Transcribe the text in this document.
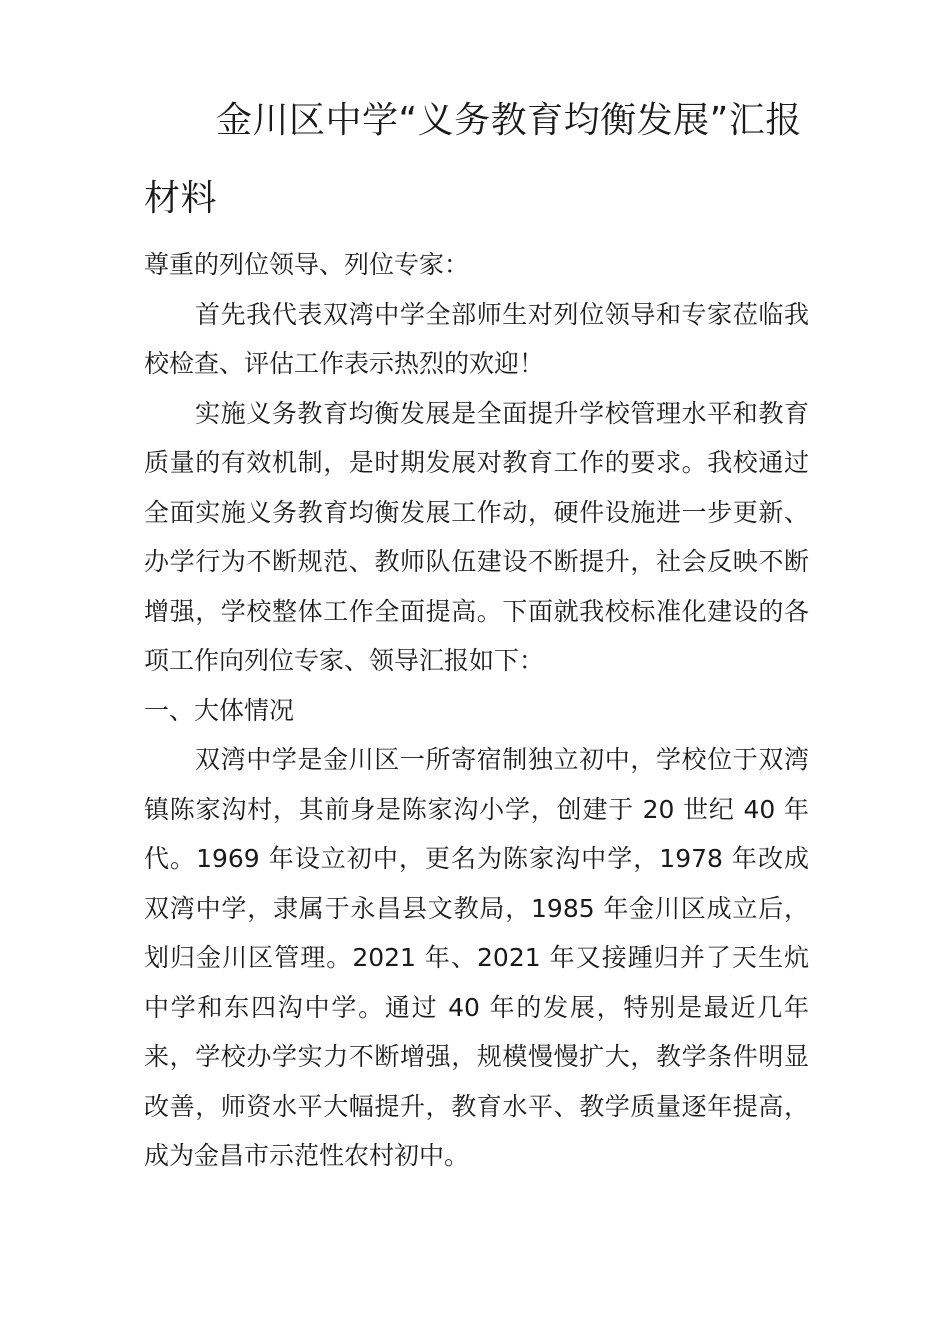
金川区中学“义务教育均衡发展”汇报材料

尊重的列位领导、列位专家：

首先我代表双湾中学全部师生对列位领导和专家莅临我校检查、评估工作表示热烈的欢迎！

实施义务教育均衡发展是全面提升学校管理水平和教育质量的有效机制，是时期发展对教育工作的要求。我校通过全面实施义务教育均衡发展工作动，硬件设施进一步更新、办学行为不断规范、教师队伍建设不断提升，社会反映不断增强，学校整体工作全面提高。下面就我校标准化建设的各项工作向列位专家、领导汇报如下：

一、大体情况

双湾中学是金川区一所寄宿制独立初中，学校位于双湾镇陈家沟村，其前身是陈家沟小学，创建于 20 世纪 40 年代。1969 年设立初中，更名为陈家沟中学，1978 年改成双湾中学，隶属于永昌县文教局，1985 年金川区成立后，划归金川区管理。2021 年、2021 年又接踵归并了天生炕中学和东四沟中学。通过 40 年的发展，特别是最近几年来，学校办学实力不断增强，规模慢慢扩大，教学条件明显改善，师资水平大幅提升，教育水平、教学质量逐年提高，成为金昌市示范性农村初中。
